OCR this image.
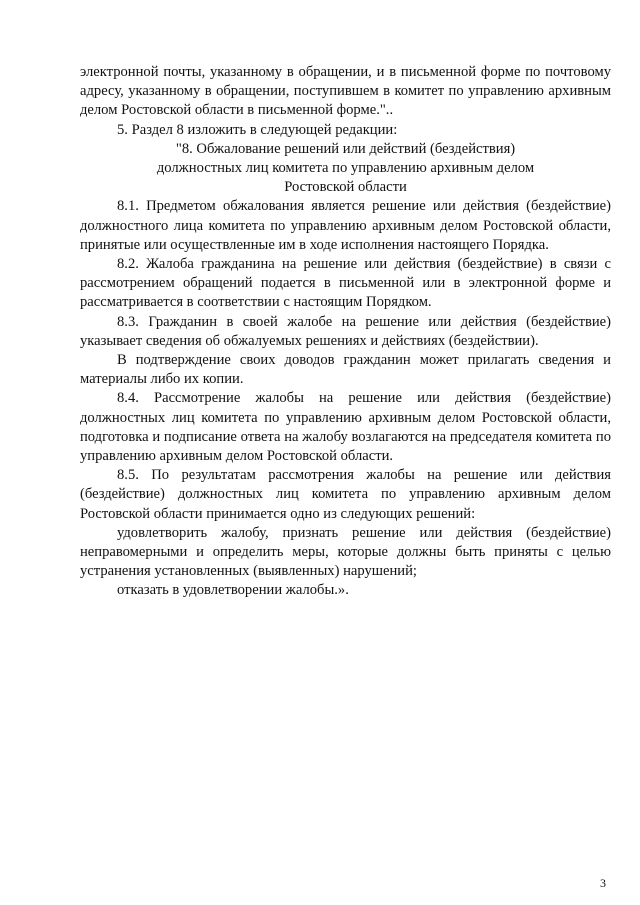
электронной почты, указанному в обращении, и в письменной форме по почтовому адресу, указанному в обращении, поступившем в комитет по управлению архивным делом Ростовской области в письменной форме."..

5. Раздел 8 изложить в следующей редакции:

"8. Обжалование решений или действий (бездействия)
должностных лиц комитета по управлению архивным делом
Ростовской области

8.1. Предметом обжалования является решение или действия (бездействие) должностного лица комитета по управлению архивным делом Ростовской области, принятые или осуществленные им в ходе исполнения настоящего Порядка.

8.2. Жалоба гражданина на решение или действия (бездействие) в связи с рассмотрением обращений подается в письменной или в электронной форме и рассматривается в соответствии с настоящим Порядком.

8.3. Гражданин в своей жалобе на решение или действия (бездействие) указывает сведения об обжалуемых решениях и действиях (бездействии).

В подтверждение своих доводов гражданин может прилагать сведения и материалы либо их копии.

8.4. Рассмотрение жалобы на решение или действия (бездействие) должностных лиц комитета по управлению архивным делом Ростовской области, подготовка и подписание ответа на жалобу возлагаются на председателя комитета по управлению архивным делом Ростовской области.

8.5. По результатам рассмотрения жалобы на решение или действия (бездействие) должностных лиц комитета по управлению архивным делом Ростовской области принимается одно из следующих решений:

удовлетворить жалобу, признать решение или действия (бездействие) неправомерными и определить меры, которые должны быть приняты с целью устранения установленных (выявленных) нарушений;

отказать в удовлетворении жалобы.».

3
